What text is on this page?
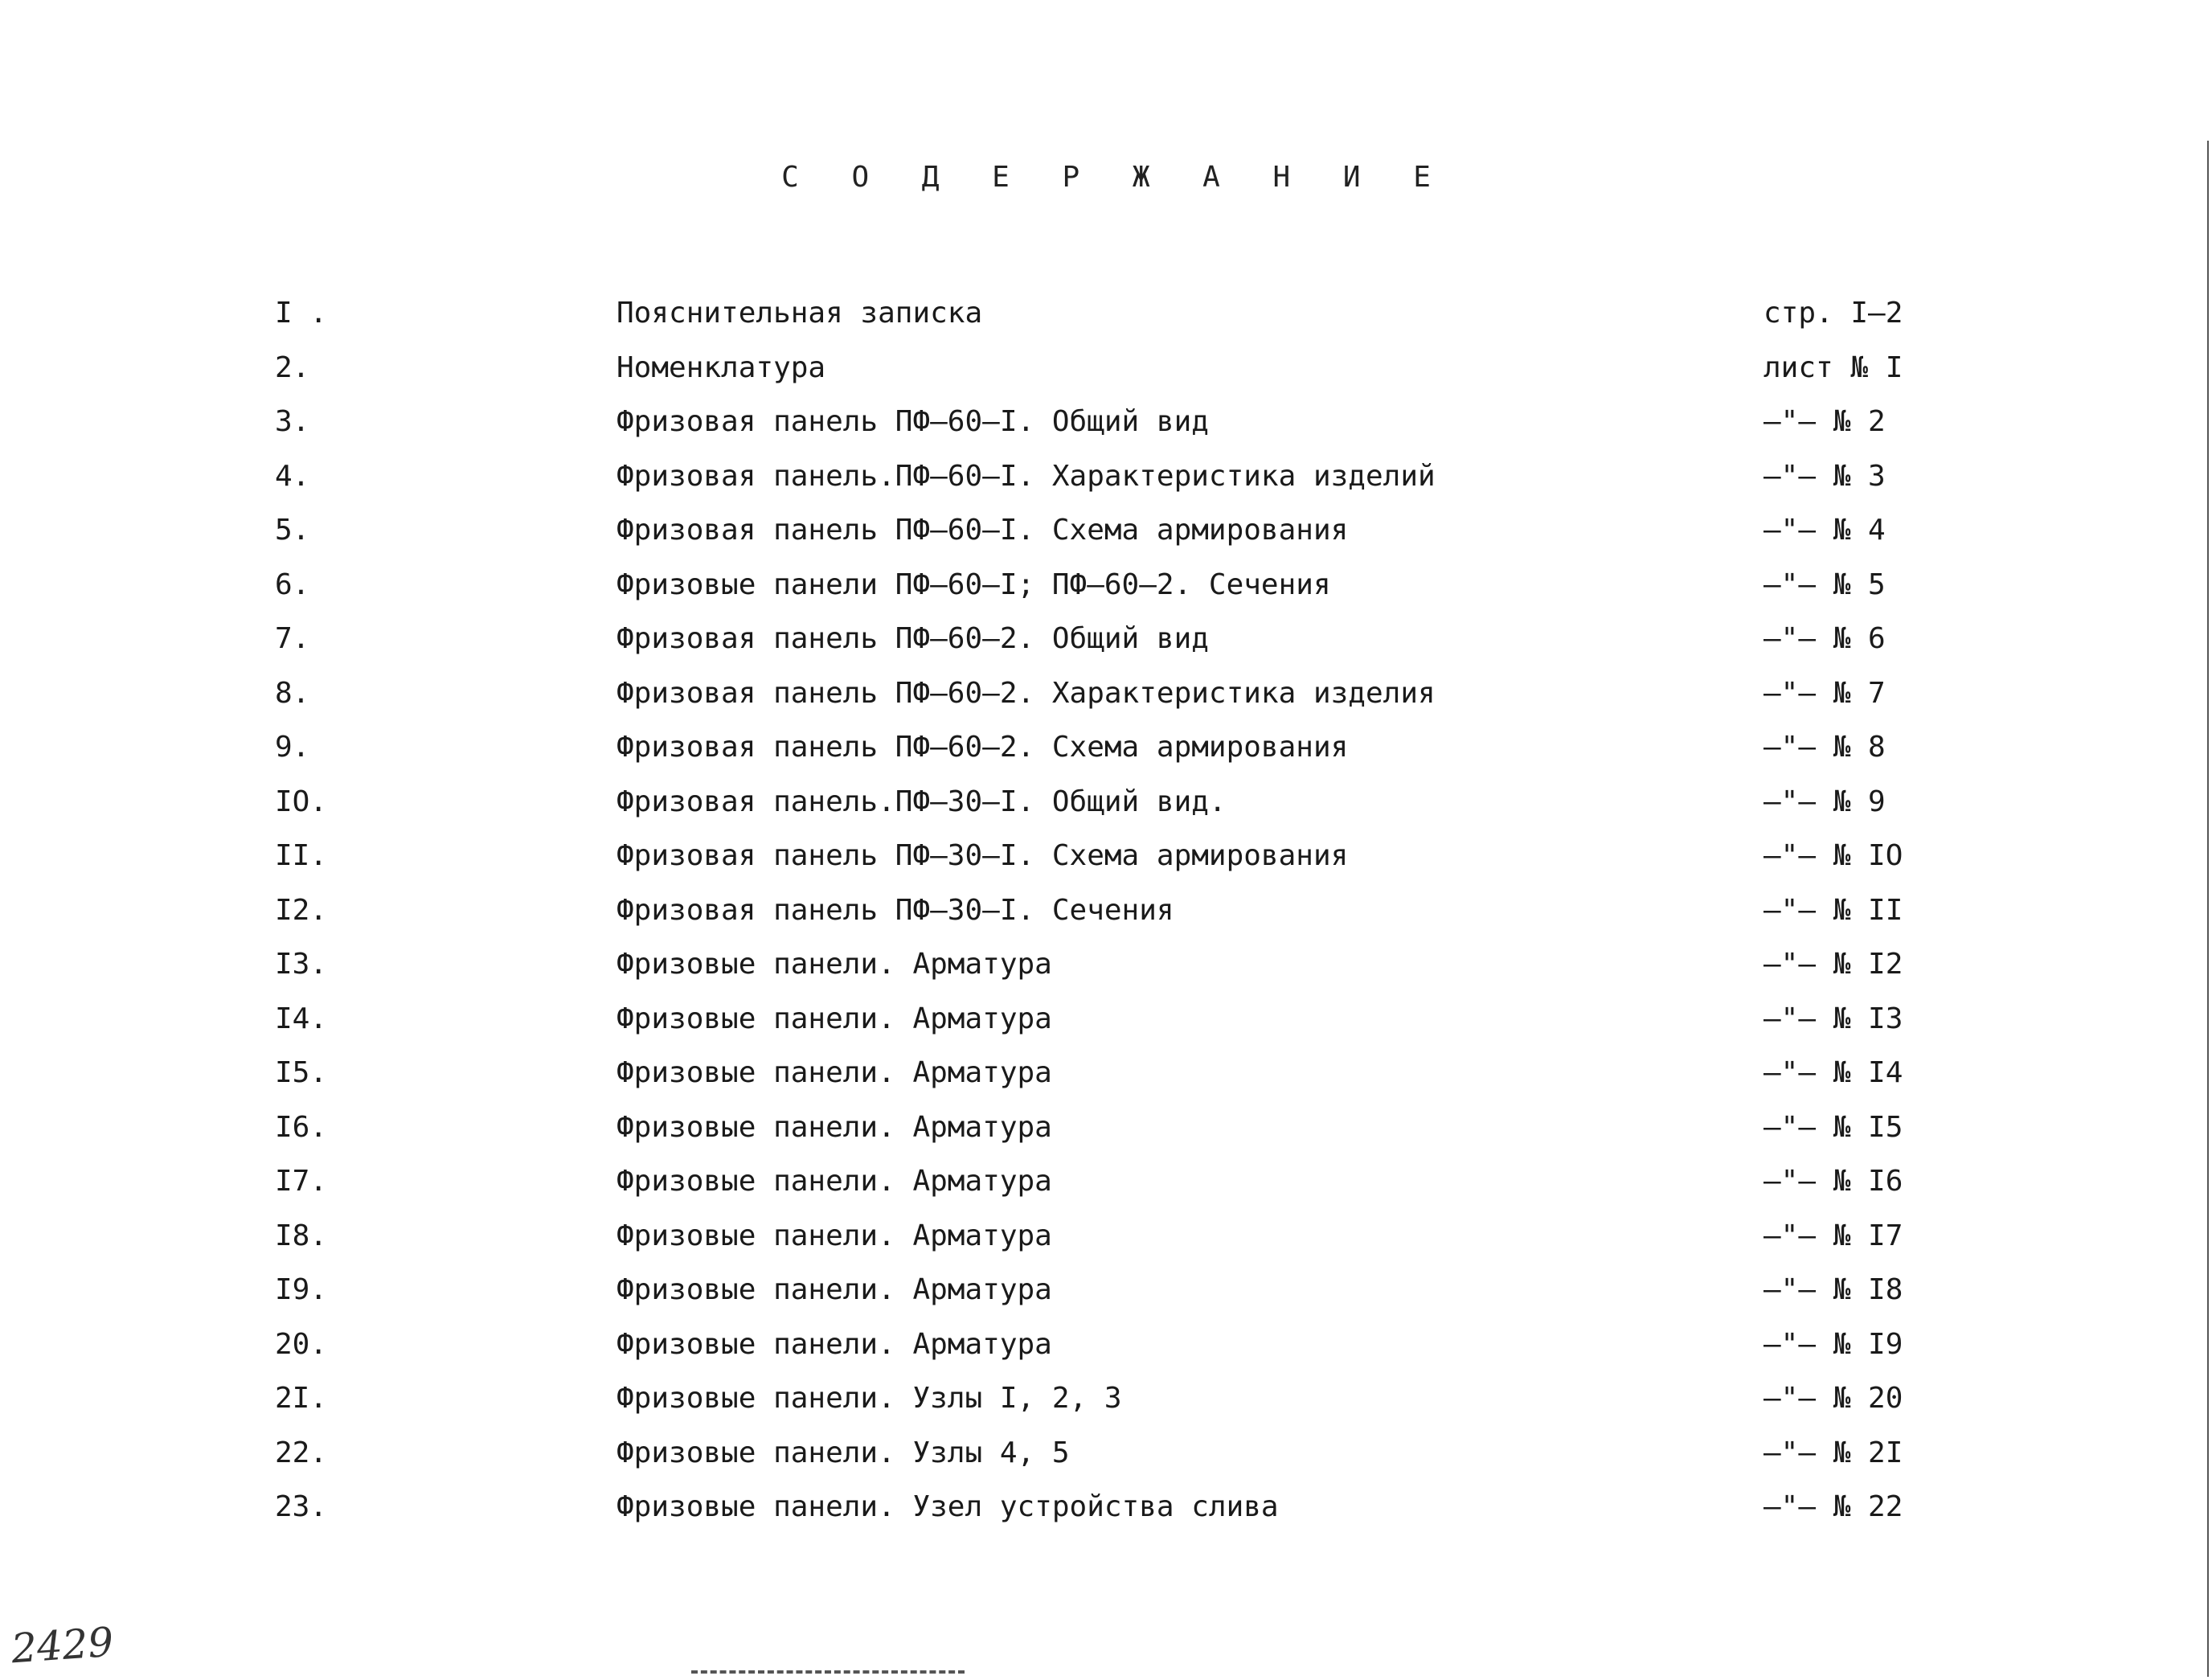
С О Д Е Р Ж А Н И Е
I .	Пояснительная записка	стр. I–2
2.	Номенклатура	лист № I
3.	Фризовая панель ПФ–60–I. Общий вид	–"– № 2
4.	Фризовая панель.ПФ–60–I. Характеристика изделий	–"– № 3
5.	Фризовая панель ПФ–60–I. Схема армирования	–"– № 4
6.	Фризовые панели ПФ–60–I; ПФ–60–2. Сечения	–"– № 5
7.	Фризовая панель ПФ–60–2. Общий вид	–"– № 6
8.	Фризовая панель ПФ–60–2. Характеристика изделия	–"– № 7
9.	Фризовая панель ПФ–60–2. Схема армирования	–"– № 8
IO.	Фризовая панель.ПФ–30–I. Общий вид.	–"– № 9
II.	Фризовая панель ПФ–30–I. Схема армирования	–"– № IO
I2.	Фризовая панель ПФ–30–I. Сечения	–"– № II
I3.	Фризовые панели. Арматура	–"– № I2
I4.	Фризовые панели. Арматура	–"– № I3
I5.	Фризовые панели. Арматура	–"– № I4
I6.	Фризовые панели. Арматура	–"– № I5
I7.	Фризовые панели. Арматура	–"– № I6
I8.	Фризовые панели. Арматура	–"– № I7
I9.	Фризовые панели. Арматура	–"– № I8
20.	Фризовые панели. Арматура	–"– № I9
2I.	Фризовые панели. Узлы I, 2, 3	–"– № 20
22.	Фризовые панели. Узлы 4, 5	–"– № 2I
23.	Фризовые панели. Узел устройства слива	–"– № 22
2429
